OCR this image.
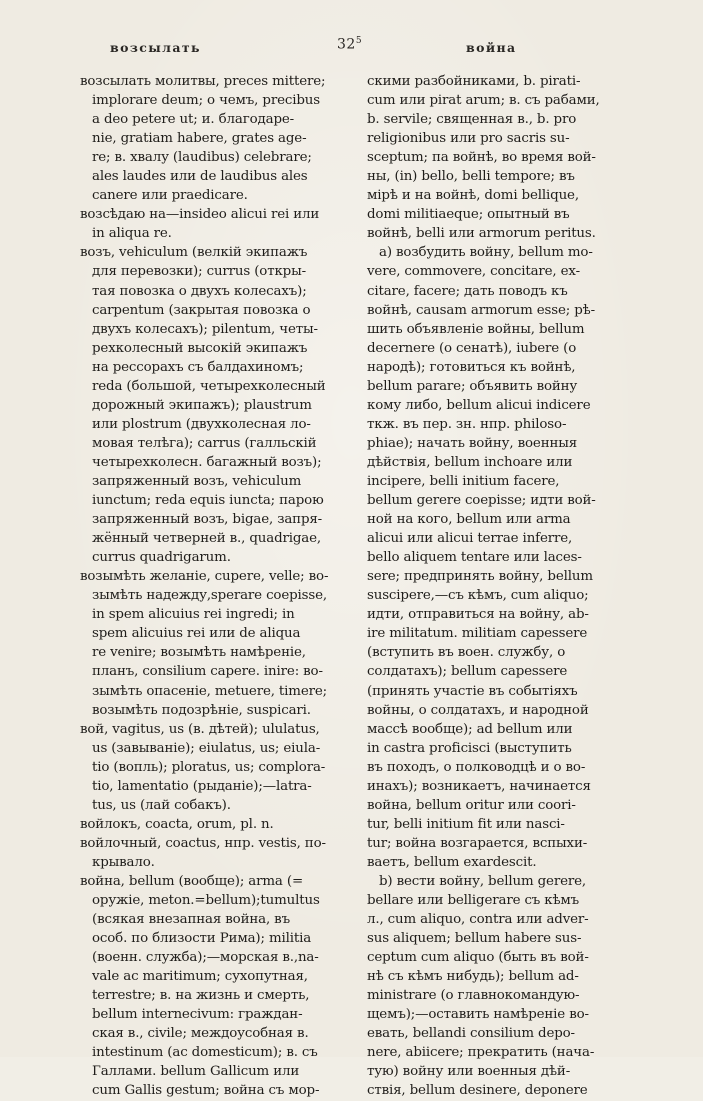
возсылать	$32^5$	война

возсылать молитвы, preces mittere;
implorare deum; о чемъ, precibus
a deo petere ut; и. благодаре-
nie, gratiam habere, grates age-
re; в. хвалу (laudibus) celebrare;
ales laudes или de laudibus ales
canere или praedicare.

возсѣдаю на—insideo alicui rei или
in aliqua re.

возъ, vehiculum (велкій экипажъ
для перевозки); currus (откры-
тая повозка о двухъ колесахъ);
carpentum (закрытая повозка о
двухъ колесахъ); pilentum, четы-
рехколесный высокій экипажъ
на рессорахъ съ балдахиномъ;
reda (большой, четырехколесный
дорожный экипажъ); plaustrum
или plostrum (двухколесная ло-
мовая телѣга); carrus (галльскій
четырехколесн. багажный возъ);
запряженный возъ, vehiculum
iunctum; reda equis iuncta; парою
запряженный возъ, bigae, запря-
жённый четверней в., quadrigae,
currus quadrigarum.

возымѣть желаніе, cupere, velle; во-
зымѣть надежду,sperare coepisse,
in spem alicuius rei ingredi; in
spem alicuius rei или de aliqua
re venire; возымѣть намѣреніе,
планъ, consilium capere. inire: во-
зымѣть опасеніе, metuere, timere;
возымѣть подозрѣніе, suspicari.

вой, vagitus, us (в. дѣтей); ululatus,
us (завываніе); eiulatus, us; eiula-
tio (вопль); ploratus, us; complora-
tio, lamentatio (рыданіе);—latra-
tus, us (лай собакъ).

войлокъ, coacta, orum, pl. n.

войлочный, coactus, нпр. vestis, по-
крывало.

война, bellum (вообще); arma (=
оружіе, meton.=bellum);tumultus
(всякая внезапная война, въ
особ. по близости Рима); militia
(военн. служба);—морская в.,na-
vale ac maritimum; сухопутная,
terrestre; в. на жизнь и смерть,
bellum internecivum: граждан-
ская в., civile; междоусобная в.
intestinum (ac domesticum); в. съ
Галлами. bellum Gallicum или
cum Gallis gestum; война съ мор-

скими разбойниками, b. pirati-
cum или pirat arum; в. съ рабами,
b. servile; священная в., b. pro
religionibus или pro sacris su-
sceptum; па войнѣ, во время вой-
ны, (in) bello, belli tempore; въ
мірѣ и на войнѣ, domi bellique,
domi militiaeque; опытный въ
войнѣ, belli или armorum peritus.

а) возбудить войну, bellum mo-
vere, commovere, concitare, ex-
citare, facere; дать поводъ къ
войнѣ, causam armorum esse; рѣ-
шить объявленіе войны, bellum
decernere (о сенатѣ), iubere (о
народѣ); готовиться къ войнѣ,
bellum parare; объявить войну
кому либо, bellum alicui indicere
ткж. въ пер. зн. нпр. philoso-
phiae); начать войну, военныя
дѣйствія, bellum inchoare или
incipere, belli initium facere,
bellum gerere coepisse; идти вой-
ной на кого, bellum или arma
alicui или alicui terrae inferre,
bello aliquem tentare или laces-
sere; предпринять войну, bellum
suscipere,—съ кѣмъ, cum aliquo;
идти, отправиться на войну, ab-
ire militatum. militiam capessere
(вступить въ воен. службу, о
солдатахъ); bellum capessere
(принять участіе въ событіяхъ
войны, о солдатахъ, и народной
массѣ вообще); ad bellum или
in castra proficisci (выступить
въ походъ, о полководцѣ и о во-
инахъ); возникаетъ, начинается
война, bellum oritur или coori-
tur, belli initium fit или nasci-
tur; война возгарается, вспыхи-
ваетъ, bellum exardescit.

b) вести войну, bellum gerere,
bellare или belligerare съ кѣмъ
л., cum aliquo, contra или adver-
sus aliquem; bellum habere sus-
ceptum cum aliquo (быть въ вой-
нѣ съ кѣмъ нибудь); bellum ad-
ministrare (о главнокомандую-
щемъ);—оставить намѣреніе во-
евать, bellandi consilium depo-
nere, abiicere; прекратить (нача-
тую) войну или военныя дѣй-
ствія, bellum desinere, deponere
